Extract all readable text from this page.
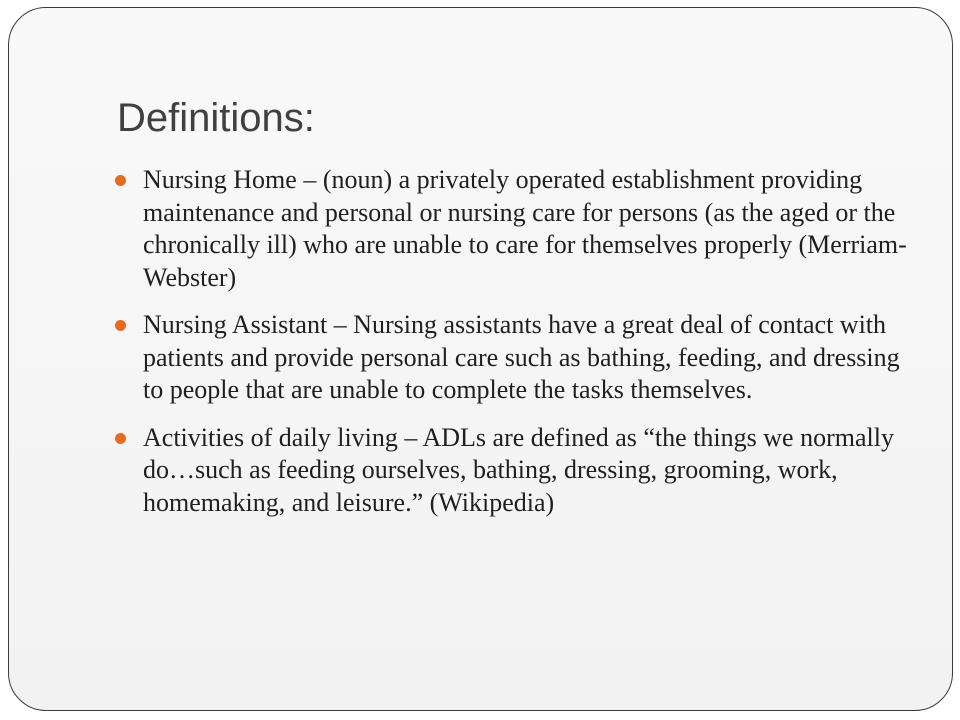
Definitions:
Nursing Home – (noun) a privately operated establishment providing maintenance and personal or nursing care for persons (as the aged or the chronically ill) who are unable to care for themselves properly (Merriam-Webster)
Nursing Assistant – Nursing assistants have a great deal of contact with patients and provide personal care such as bathing, feeding, and dressing to people that are unable to complete the tasks themselves.
Activities of daily living – ADLs are defined as “the things we normally do…such as feeding ourselves, bathing, dressing, grooming, work, homemaking, and leisure.” (Wikipedia)
